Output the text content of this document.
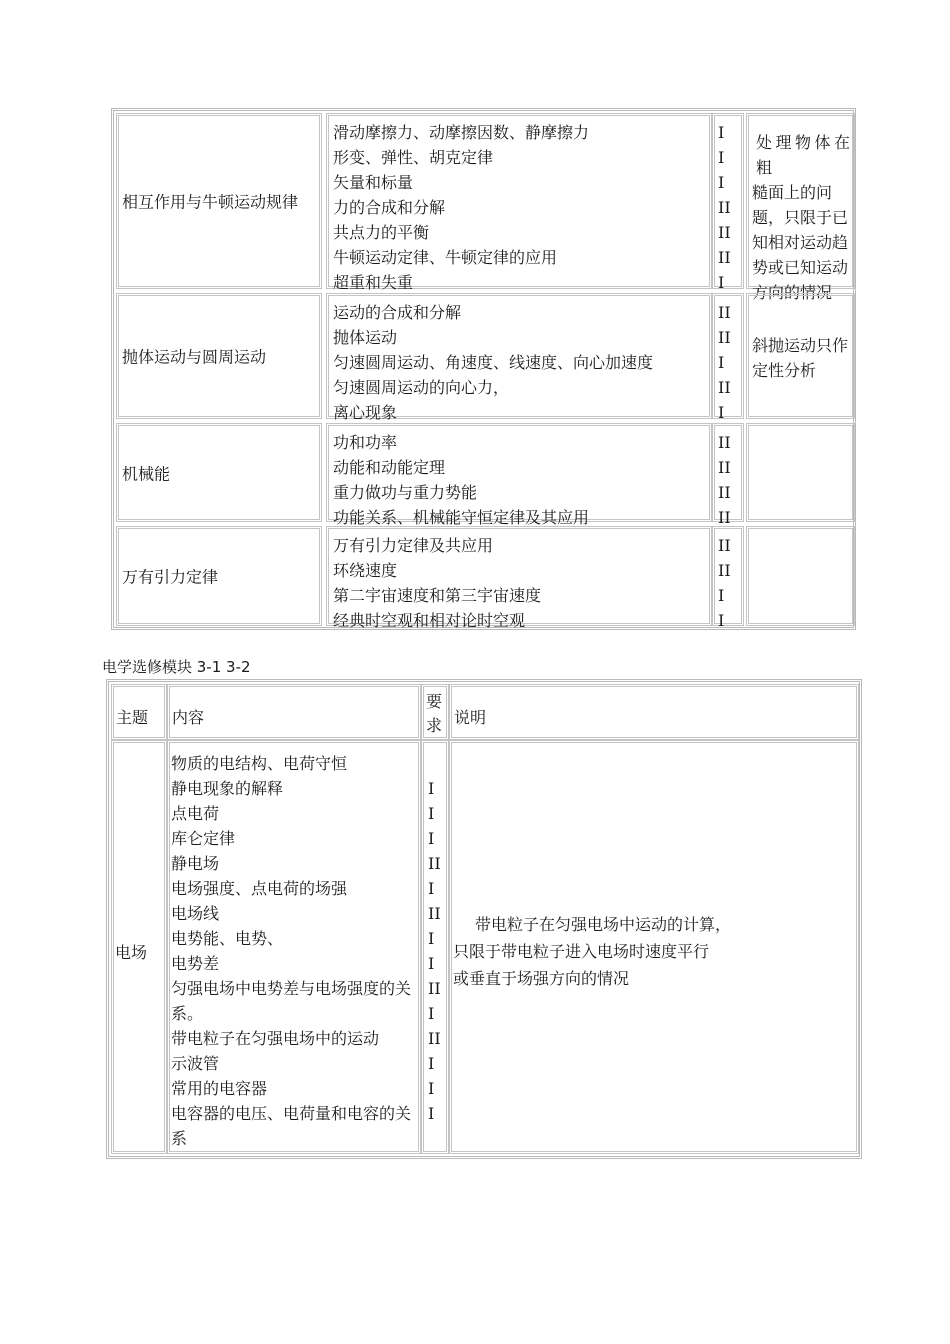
相互作用与牛顿运动规律
滑动摩擦力、动摩擦因数、静摩擦力
形变、弹性、胡克定律
矢量和标量
力的合成和分解
共点力的平衡
牛顿运动定律、牛顿定律的应用
超重和失重
I
I
I
II
II
II
I
处理物体在粗
糙面上的问
题，只限于已
知相对运动趋
势或已知运动
方向的情况
抛体运动与圆周运动
运动的合成和分解
抛体运动
匀速圆周运动、角速度、线速度、向心加速度
匀速圆周运动的向心力，
离心现象
II
II
I
II
I
斜抛运动只作
定性分析
机械能
功和功率
动能和动能定理
重力做功与重力势能
功能关系、机械能守恒定律及其应用
II
II
II
II
万有引力定律
万有引力定律及共应用
环绕速度
第二宇宙速度和第三宇宙速度
经典时空观和相对论时空观
II
II
I
I
电学选修模块 3-1 3-2
主题 内容
要
求 说明
电场
物质的电结构、电荷守恒
静电现象的解释
点电荷
库仑定律
静电场
电场强度、点电荷的场强
电场线
电势能、电势、
电势差
匀强电场中电势差与电场强度的关
系。
带电粒子在匀强电场中的运动
示波管
常用的电容器
电容器的电压、电荷量和电容的关
系
I
I
I
II
I
II
I
I
II
I
II
I
I
I
带电粒子在匀强电场中运动的计算，
只限于带电粒子进入电场时速度平行
或垂直于场强方向的情况
